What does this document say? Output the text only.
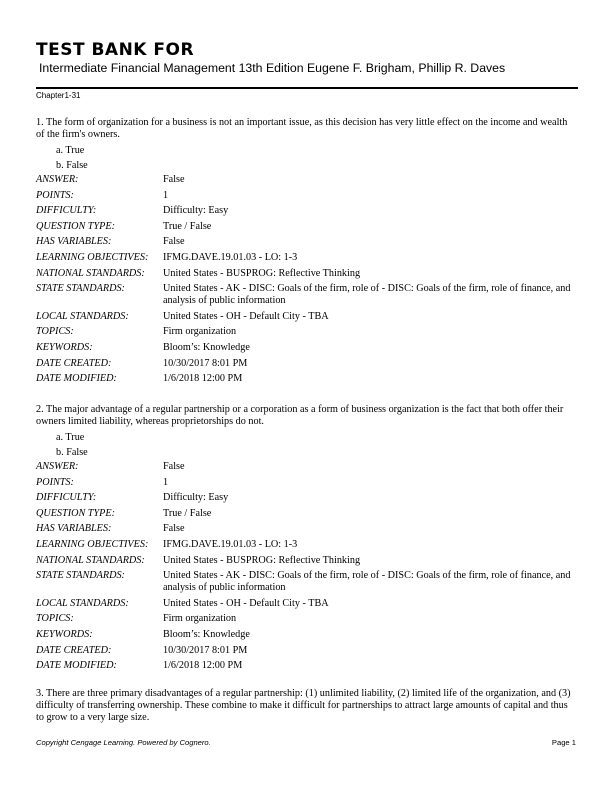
TEST BANK FOR
Intermediate Financial Management 13th Edition Eugene F. Brigham, Phillip R. Daves
Chapter1-31

1. The form of organization for a business is not an important issue, as this decision has very little effect on the income and wealth of the firm's owners.

a. True
b. False
ANSWER:	False
POINTS:	1
DIFFICULTY:	Difficulty: Easy
QUESTION TYPE:	True / False
HAS VARIABLES:	False
LEARNING OBJECTIVES:	IFMG.DAVE.19.01.03 - LO: 1-3
NATIONAL STANDARDS:	United States - BUSPROG: Reflective Thinking
STATE STANDARDS:	United States - AK - DISC: Goals of the firm, role of - DISC: Goals of the firm, role of finance, and analysis of public information
LOCAL STANDARDS:	United States - OH - Default City - TBA
TOPICS:	Firm organization
KEYWORDS:	Bloom’s: Knowledge
DATE CREATED:	10/30/2017 8:01 PM
DATE MODIFIED:	1/6/2018 12:00 PM

2. The major advantage of a regular partnership or a corporation as a form of business organization is the fact that both offer their owners limited liability, whereas proprietorships do not.

a. True
b. False
ANSWER:	False
POINTS:	1
DIFFICULTY:	Difficulty: Easy
QUESTION TYPE:	True / False
HAS VARIABLES:	False
LEARNING OBJECTIVES:	IFMG.DAVE.19.01.03 - LO: 1-3
NATIONAL STANDARDS:	United States - BUSPROG: Reflective Thinking
STATE STANDARDS:	United States - AK - DISC: Goals of the firm, role of - DISC: Goals of the firm, role of finance, and analysis of public information
LOCAL STANDARDS:	United States - OH - Default City - TBA
TOPICS:	Firm organization
KEYWORDS:	Bloom’s: Knowledge
DATE CREATED:	10/30/2017 8:01 PM
DATE MODIFIED:	1/6/2018 12:00 PM

3. There are three primary disadvantages of a regular partnership: (1) unlimited liability, (2) limited life of the organization, and (3) difficulty of transferring ownership. These combine to make it difficult for partnerships to attract large amounts of capital and thus to grow to a very large size.

Copyright Cengage Learning. Powered by Cognero.	Page 1
